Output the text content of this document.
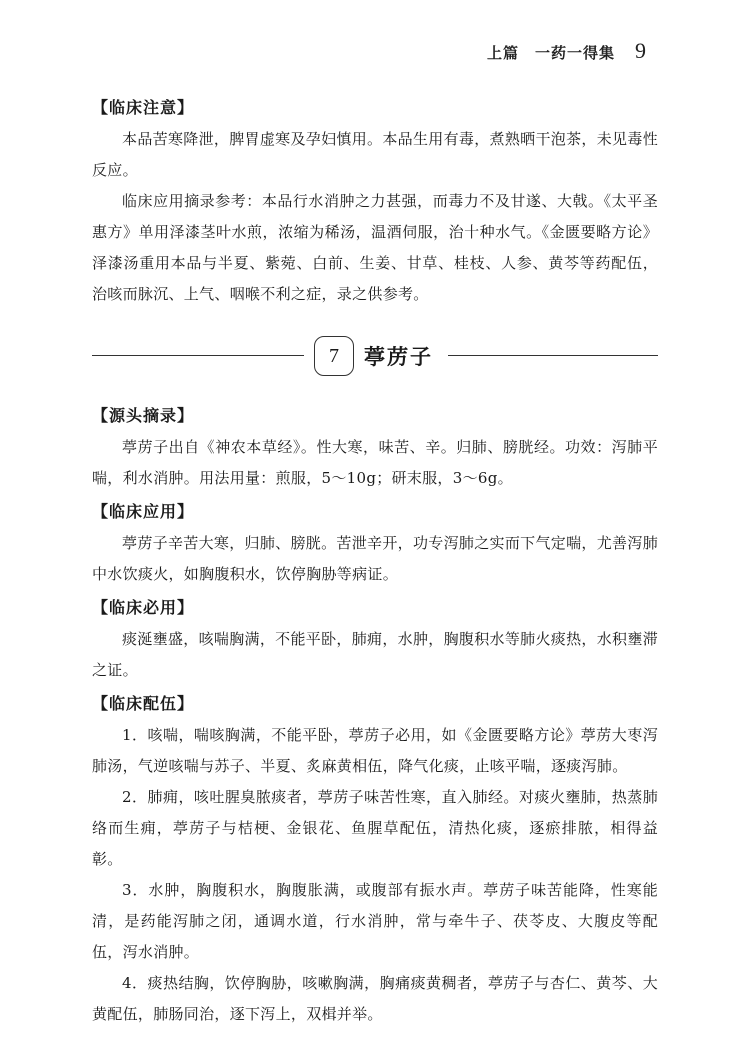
上篇　一药一得集 9

【临床注意】

本品苦寒降泄，脾胃虚寒及孕妇慎用。本品生用有毒，煮熟晒干泡茶，未见毒性反应。

临床应用摘录参考：本品行水消肿之力甚强，而毒力不及甘遂、大戟。《太平圣惠方》单用泽漆茎叶水煎，浓缩为稀汤，温酒伺服，治十种水气。《金匮要略方论》泽漆汤重用本品与半夏、紫菀、白前、生姜、甘草、桂枝、人参、黄芩等药配伍，治咳而脉沉、上气、咽喉不利之症，录之供参考。

7	葶苈子

【源头摘录】

葶苈子出自《神农本草经》。性大寒，味苦、辛。归肺、膀胱经。功效：泻肺平喘，利水消肿。用法用量：煎服，5～10g；研末服，3～6g。

【临床应用】

葶苈子辛苦大寒，归肺、膀胱。苦泄辛开，功专泻肺之实而下气定喘，尤善泻肺中水饮痰火，如胸腹积水，饮停胸胁等病证。

【临床必用】

痰涎壅盛，咳喘胸满，不能平卧，肺痈，水肿，胸腹积水等肺火痰热，水积壅滞之证。

【临床配伍】

1．咳喘，喘咳胸满，不能平卧，葶苈子必用，如《金匮要略方论》葶苈大枣泻肺汤，气逆咳喘与苏子、半夏、炙麻黄相伍，降气化痰，止咳平喘，逐痰泻肺。

2．肺痈，咳吐腥臭脓痰者，葶苈子味苦性寒，直入肺经。对痰火壅肺，热蒸肺络而生痈，葶苈子与桔梗、金银花、鱼腥草配伍，清热化痰，逐瘀排脓，相得益彰。

3．水肿，胸腹积水，胸腹胀满，或腹部有振水声。葶苈子味苦能降，性寒能清，是药能泻肺之闭，通调水道，行水消肿，常与牵牛子、茯苓皮、大腹皮等配伍，泻水消肿。

4．痰热结胸，饮停胸胁，咳嗽胸满，胸痛痰黄稠者，葶苈子与杏仁、黄芩、大黄配伍，肺肠同治，逐下泻上，双楫并举。
